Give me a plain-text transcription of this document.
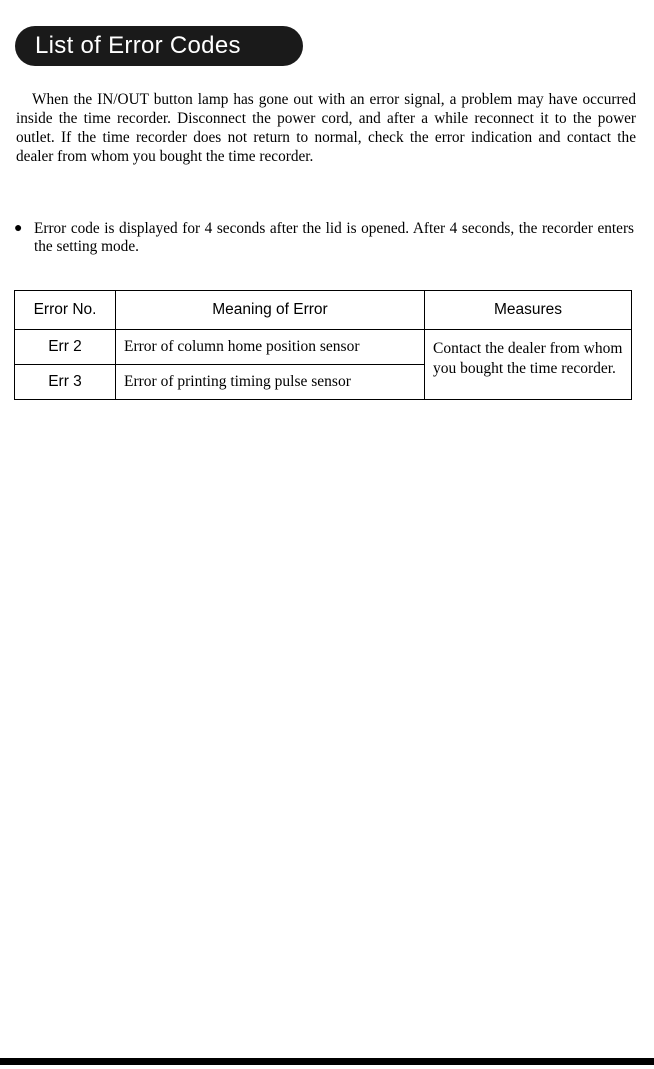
List of Error Codes

When the IN/OUT button lamp has gone out with an error signal, a problem may have occurred inside the time recorder. Disconnect the power cord, and after a while reconnect it to the power outlet. If the time recorder does not return to normal, check the error indication and contact the dealer from whom you bought the time recorder.

● Error code is displayed for 4 seconds after the lid is opened. After 4 seconds, the recorder enters the setting mode.
Error No.	Meaning of Error	Measures
Err 2	Error of column home position sensor	Contact the dealer from whom you bought the time recorder.
Err 3	Error of printing timing pulse sensor	
